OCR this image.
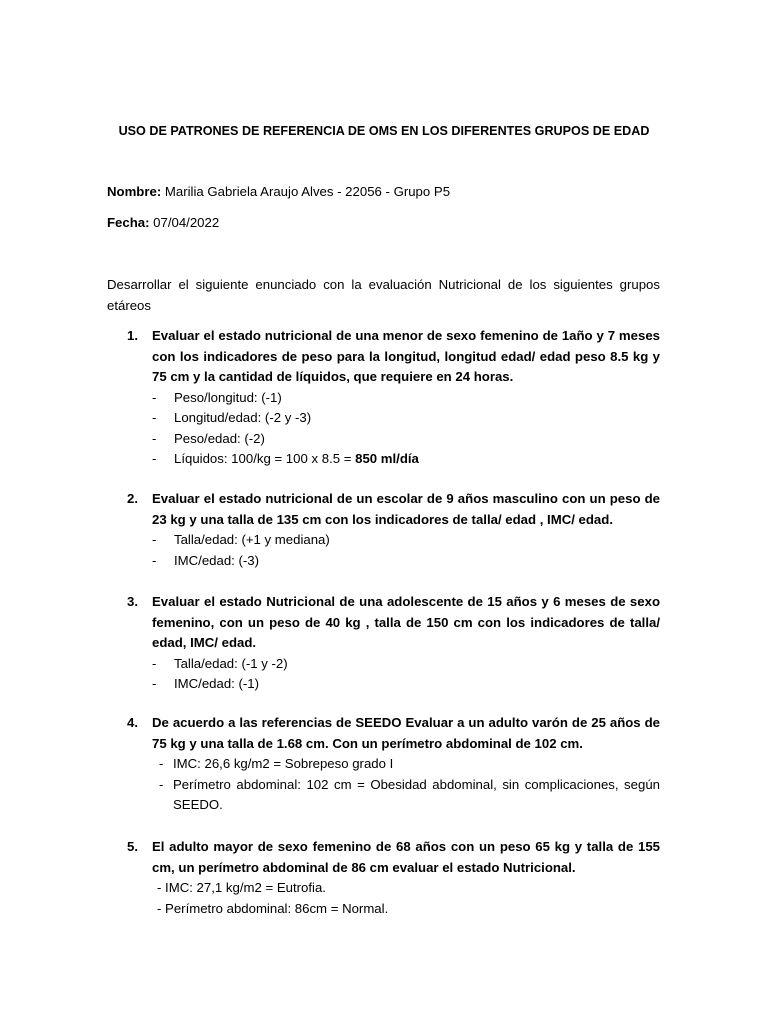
USO DE PATRONES DE REFERENCIA DE OMS EN LOS DIFERENTES GRUPOS DE EDAD
Nombre: Marilia Gabriela Araujo Alves - 22056 - Grupo P5
Fecha: 07/04/2022
Desarrollar el siguiente enunciado con la evaluación Nutricional de los siguientes grupos etáreos
1. Evaluar el estado nutricional de una menor de sexo femenino de 1año y 7 meses con los indicadores de peso para la longitud, longitud edad/ edad peso 8.5 kg y 75 cm y la cantidad de líquidos, que requiere en 24 horas.
- Peso/longitud: (-1)
- Longitud/edad: (-2 y -3)
- Peso/edad: (-2)
- Líquidos: 100/kg = 100 x 8.5 = 850 ml/día
2. Evaluar el estado nutricional de un escolar de 9 años masculino con un peso de 23 kg y una talla de 135 cm con los indicadores de talla/ edad , IMC/ edad.
- Talla/edad: (+1 y mediana)
- IMC/edad: (-3)
3. Evaluar el estado Nutricional de una adolescente de 15 años y 6 meses de sexo femenino, con un peso de 40 kg , talla de 150 cm con los indicadores de talla/ edad, IMC/ edad.
- Talla/edad: (-1 y -2)
- IMC/edad: (-1)
4. De acuerdo a las referencias de SEEDO Evaluar a un adulto varón de 25 años de 75 kg y una talla de 1.68 cm. Con un perímetro abdominal de 102 cm.
- IMC: 26,6 kg/m2 = Sobrepeso grado I
- Perímetro abdominal: 102 cm = Obesidad abdominal, sin complicaciones, según SEEDO.
5. El adulto mayor de sexo femenino de 68 años con un peso 65 kg y talla de 155 cm, un perímetro abdominal de 86 cm evaluar el estado Nutricional.
- IMC: 27,1 kg/m2 = Eutrofia.
- Perímetro abdominal: 86cm = Normal.
